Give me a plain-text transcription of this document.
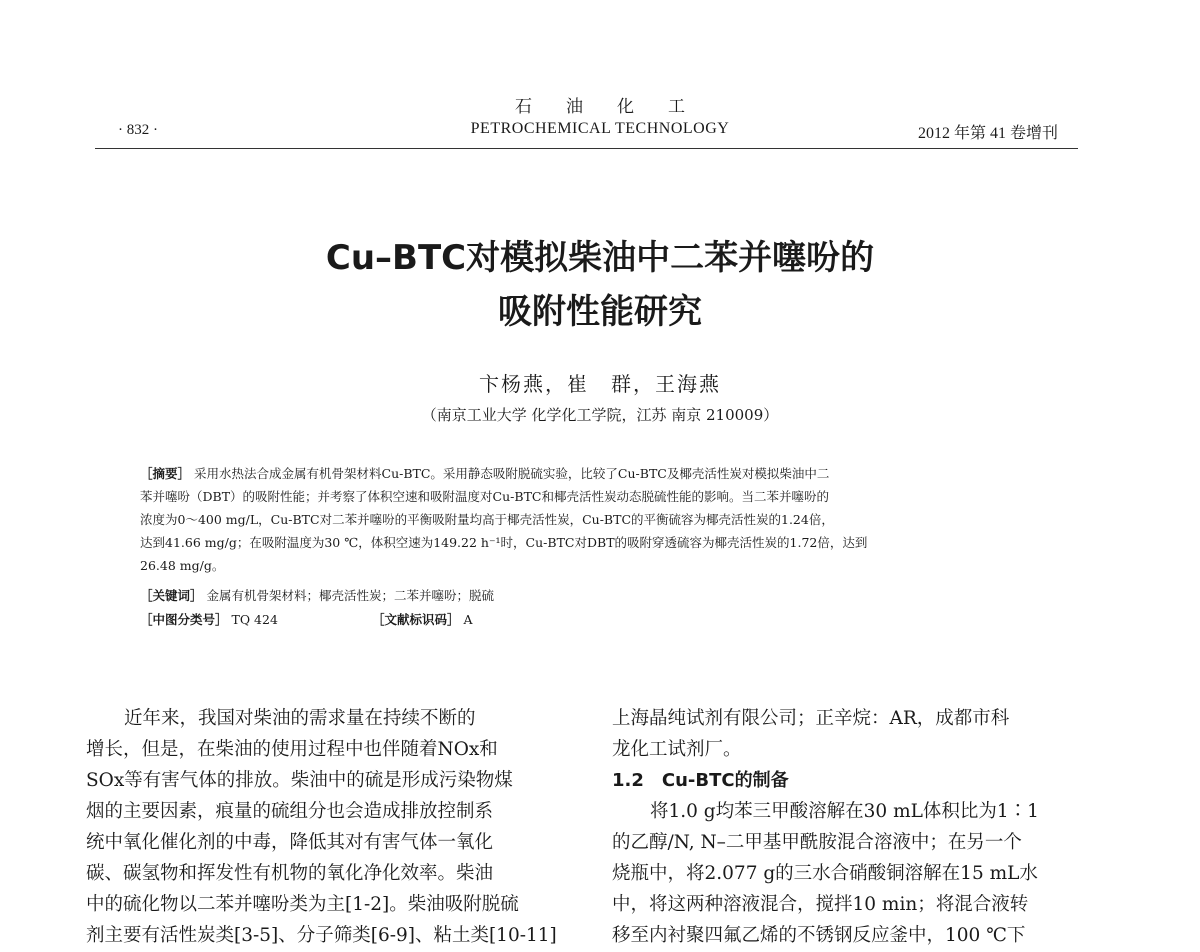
石油化工
PETROCHEMICAL TECHNOLOGY
· 832 ·	2012 年第 41 卷增刊
Cu–BTC对模拟柴油中二苯并噻吩的
吸附性能研究
卞杨燕，崔　群，王海燕
（南京工业大学 化学化工学院，江苏 南京 210009）
［摘要］ 采用水热法合成金属有机骨架材料Cu-BTC。采用静态吸附脱硫实验，比较了Cu-BTC及椰壳活性炭对模拟柴油中二
苯并噻吩（DBT）的吸附性能；并考察了体积空速和吸附温度对Cu-BTC和椰壳活性炭动态脱硫性能的影响。当二苯并噻吩的
浓度为0～400 mg/L，Cu-BTC对二苯并噻吩的平衡吸附量均高于椰壳活性炭，Cu-BTC的平衡硫容为椰壳活性炭的1.24倍，
达到41.66 mg/g；在吸附温度为30 ℃，体积空速为149.22 h⁻¹时，Cu-BTC对DBT的吸附穿透硫容为椰壳活性炭的1.72倍，达到
26.48 mg/g。
［关键词］ 金属有机骨架材料；椰壳活性炭；二苯并噻吩；脱硫
［中图分类号］ TQ 424	［文献标识码］ A
近年来，我国对柴油的需求量在持续不断的
增长，但是，在柴油的使用过程中也伴随着NOx和
SOx等有害气体的排放。柴油中的硫是形成污染物煤
烟的主要因素，痕量的硫组分也会造成排放控制系
统中氧化催化剂的中毒，降低其对有害气体一氧化
碳、碳氢物和挥发性有机物的氧化净化效率。柴油
中的硫化物以二苯并噻吩类为主[1-2]。柴油吸附脱硫
剂主要有活性炭类[3-5]、分子筛类[6-9]、粘土类[10-11]
上海晶纯试剂有限公司；正辛烷：AR，成都市科
龙化工试剂厂。
1.2　Cu-BTC的制备
将1.0 g均苯三甲酸溶解在30 mL体积比为1∶1
的乙醇/N, N–二甲基甲酰胺混合溶液中；在另一个
烧瓶中，将2.077 g的三水合硝酸铜溶解在15 mL水
中，将这两种溶液混合，搅拌10 min；将混合液转
移至内衬聚四氟乙烯的不锈钢反应釜中，100 ℃下
